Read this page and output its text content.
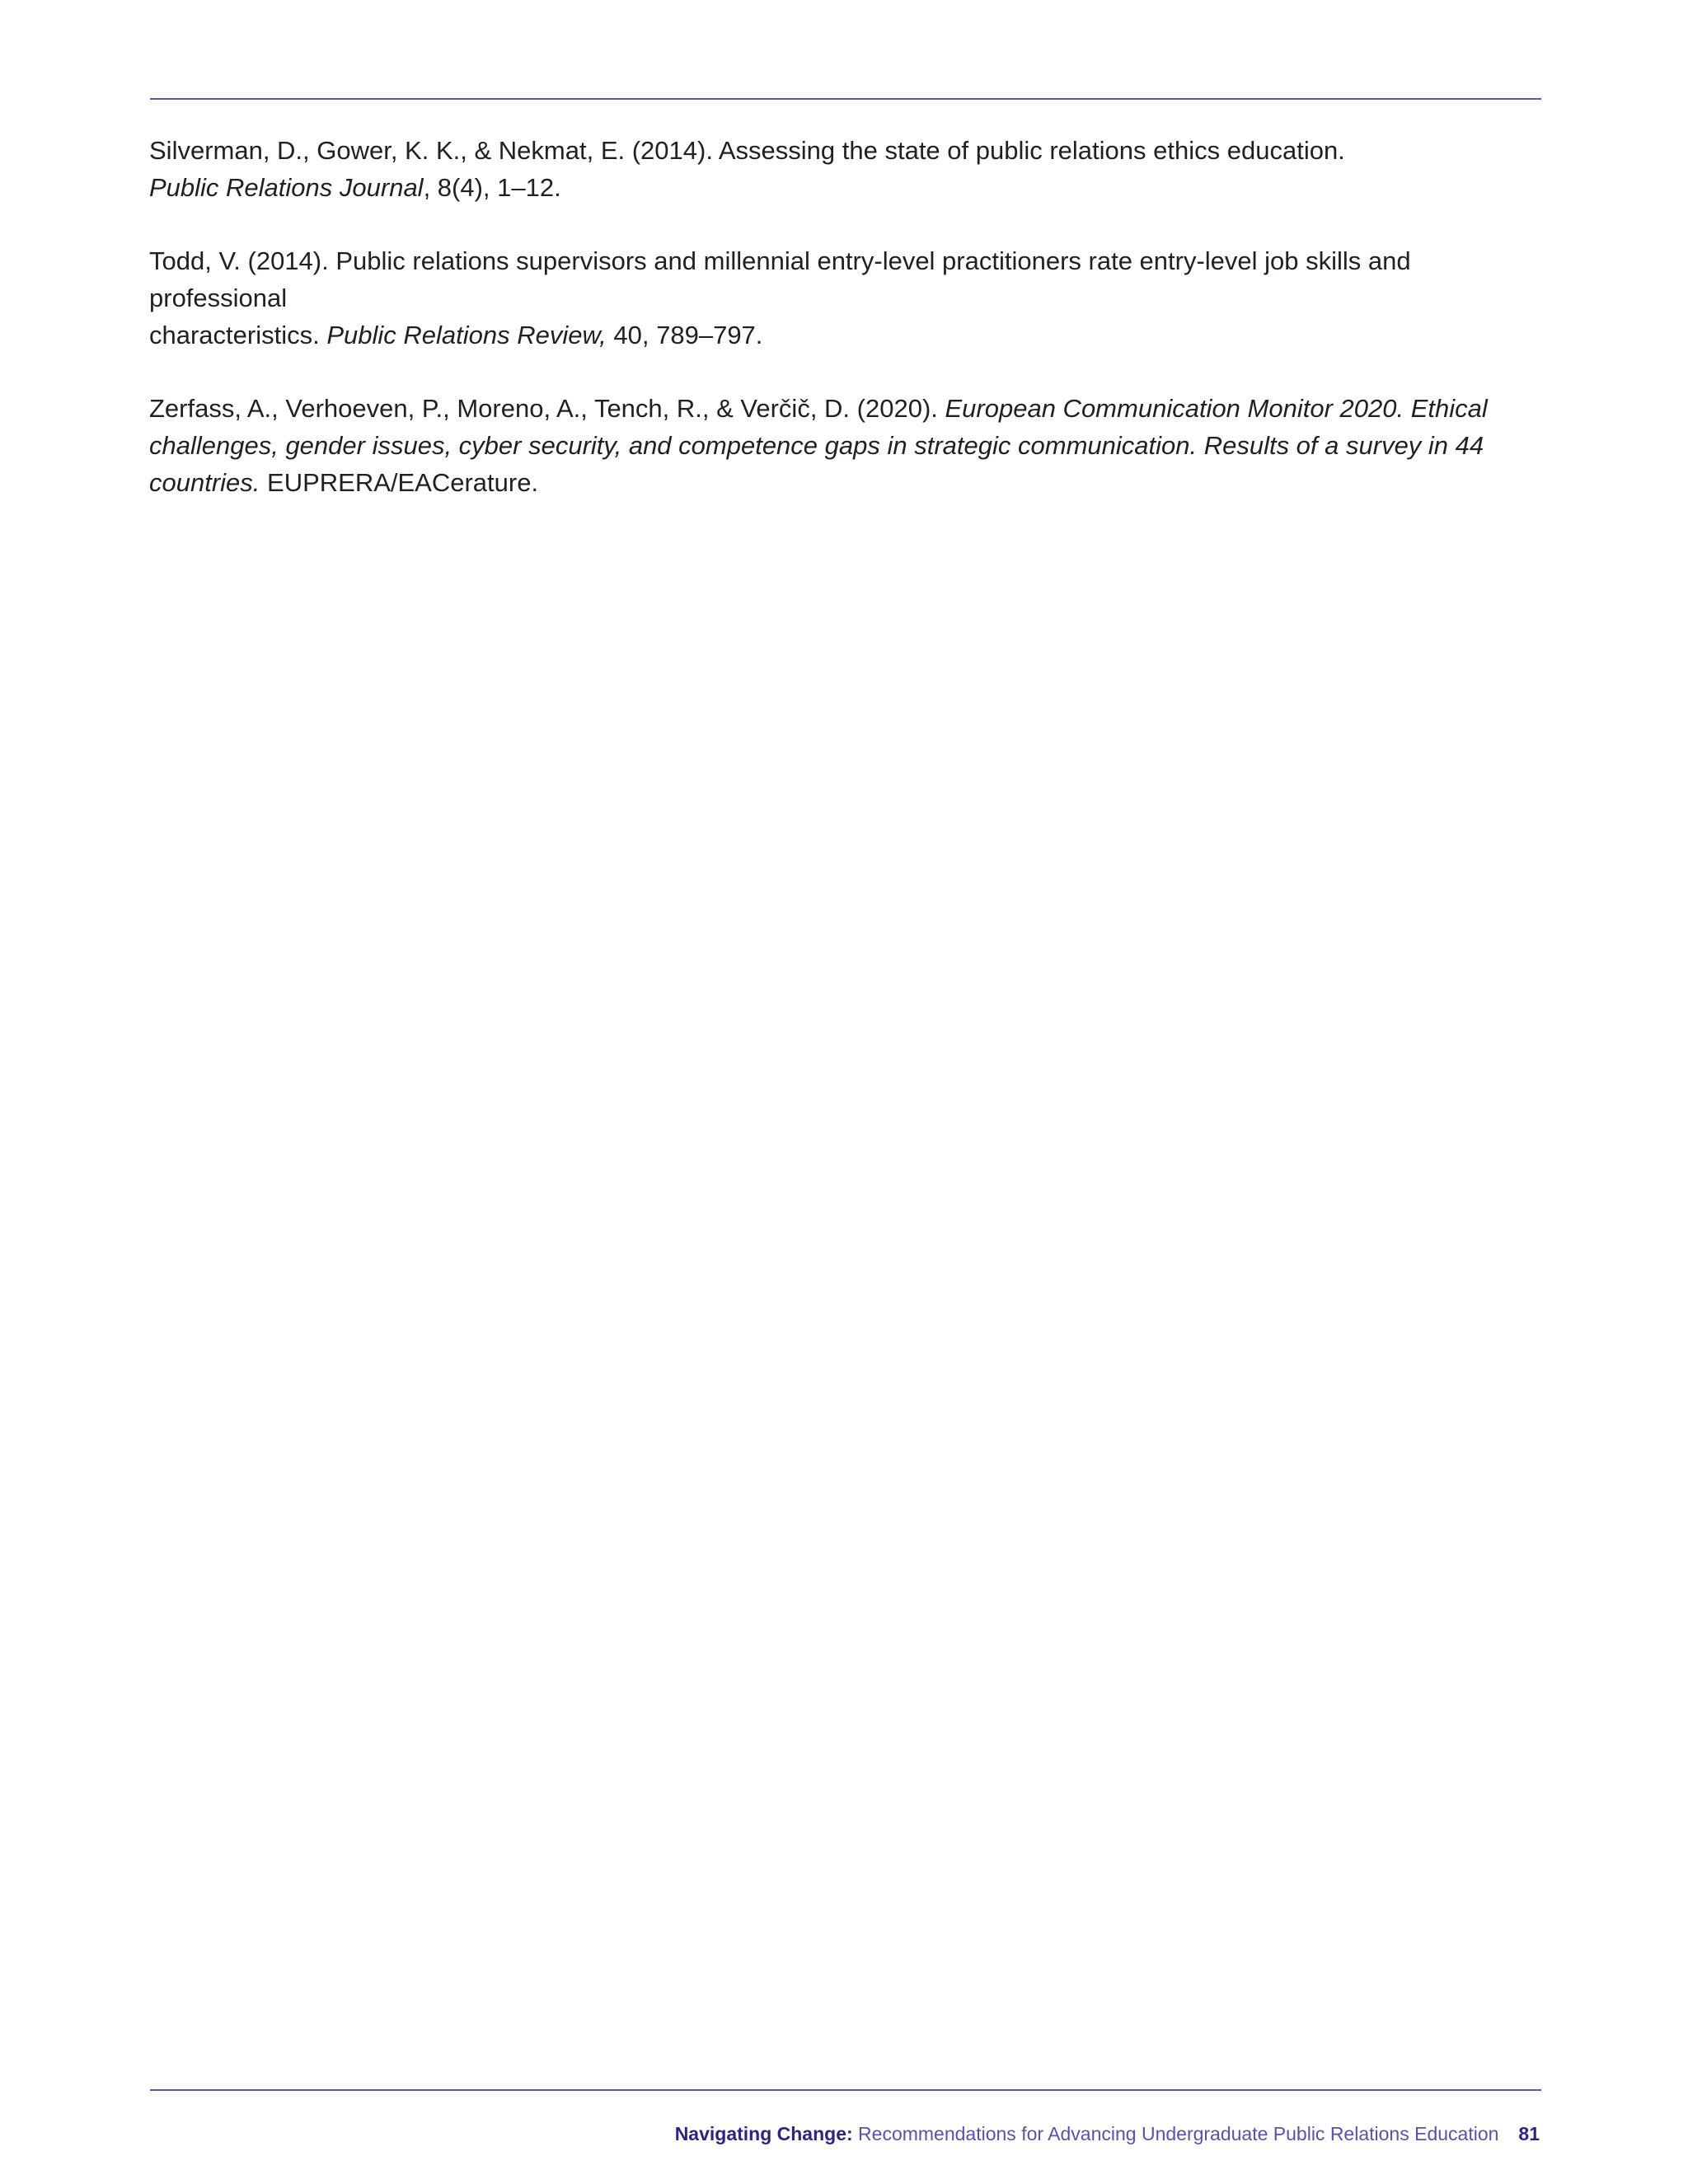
Silverman, D., Gower, K. K., & Nekmat, E. (2014). Assessing the state of public relations ethics education.
Public Relations Journal, 8(4), 1–12.
Todd, V. (2014). Public relations supervisors and millennial entry-level practitioners rate entry-level job skills and professional
characteristics. Public Relations Review, 40, 789–797.
Zerfass, A., Verhoeven, P., Moreno, A., Tench, R., & Verčič, D. (2020). European Communication Monitor 2020. Ethical
challenges, gender issues, cyber security, and competence gaps in strategic communication. Results of a survey in 44
countries. EUPRERA/EACerature.
Navigating Change: Recommendations for Advancing Undergraduate Public Relations Education 81
